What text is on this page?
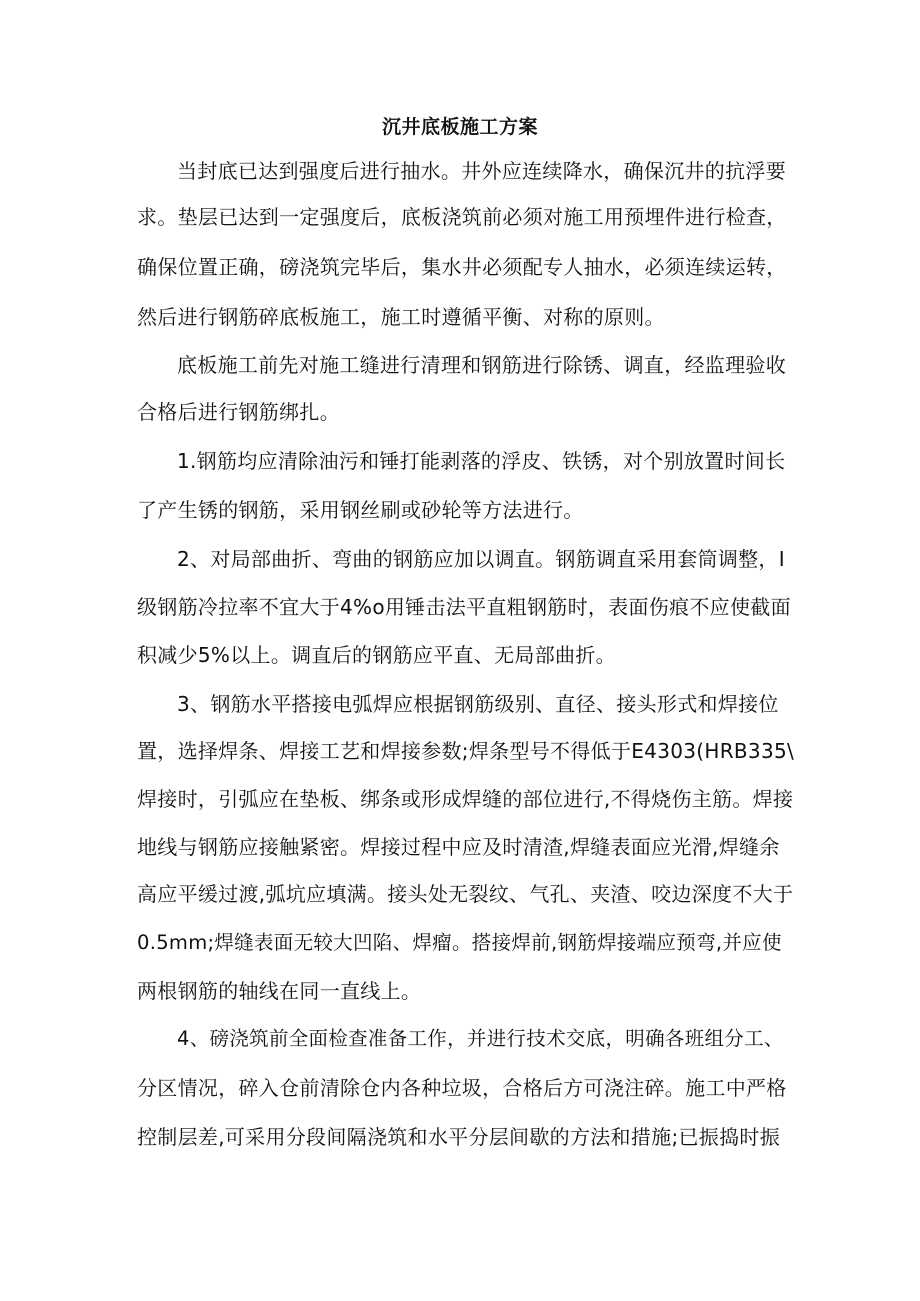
沉井底板施工方案

当封底已达到强度后进行抽水。井外应连续降水，确保沉井的抗浮要

求。垫层已达到一定强度后，底板浇筑前必须对施工用预埋件进行检查，

确保位置正确，磅浇筑完毕后，集水井必须配专人抽水，必须连续运转，

然后进行钢筋碎底板施工，施工时遵循平衡、对称的原则。

底板施工前先对施工缝进行清理和钢筋进行除锈、调直，经监理验收

合格后进行钢筋绑扎。

1.钢筋均应清除油污和锤打能剥落的浮皮、铁锈，对个别放置时间长

了产生锈的钢筋，采用钢丝刷或砂轮等方法进行。

2、对局部曲折、弯曲的钢筋应加以调直。钢筋调直采用套筒调整，I

级钢筋冷拉率不宜大于4%o用锤击法平直粗钢筋时，表面伤痕不应使截面

积减少5%以上。调直后的钢筋应平直、无局部曲折。

3、钢筋水平搭接电弧焊应根据钢筋级别、直径、接头形式和焊接位

置，选择焊条、焊接工艺和焊接参数;焊条型号不得低于E4303(HRB335\

焊接时，引弧应在垫板、绑条或形成焊缝的部位进行,不得烧伤主筋。焊接

地线与钢筋应接触紧密。焊接过程中应及时清渣,焊缝表面应光滑,焊缝余

高应平缓过渡,弧坑应填满。接头处无裂纹、气孔、夹渣、咬边深度不大于

0.5mm;焊缝表面无较大凹陷、焊瘤。搭接焊前,钢筋焊接端应预弯,并应使

两根钢筋的轴线在同一直线上。

4、磅浇筑前全面检查准备工作，并进行技术交底，明确各班组分工、

分区情况，碎入仓前清除仓内各种垃圾，合格后方可浇注碎。施工中严格

控制层差,可采用分段间隔浇筑和水平分层间歇的方法和措施;已振捣时振
